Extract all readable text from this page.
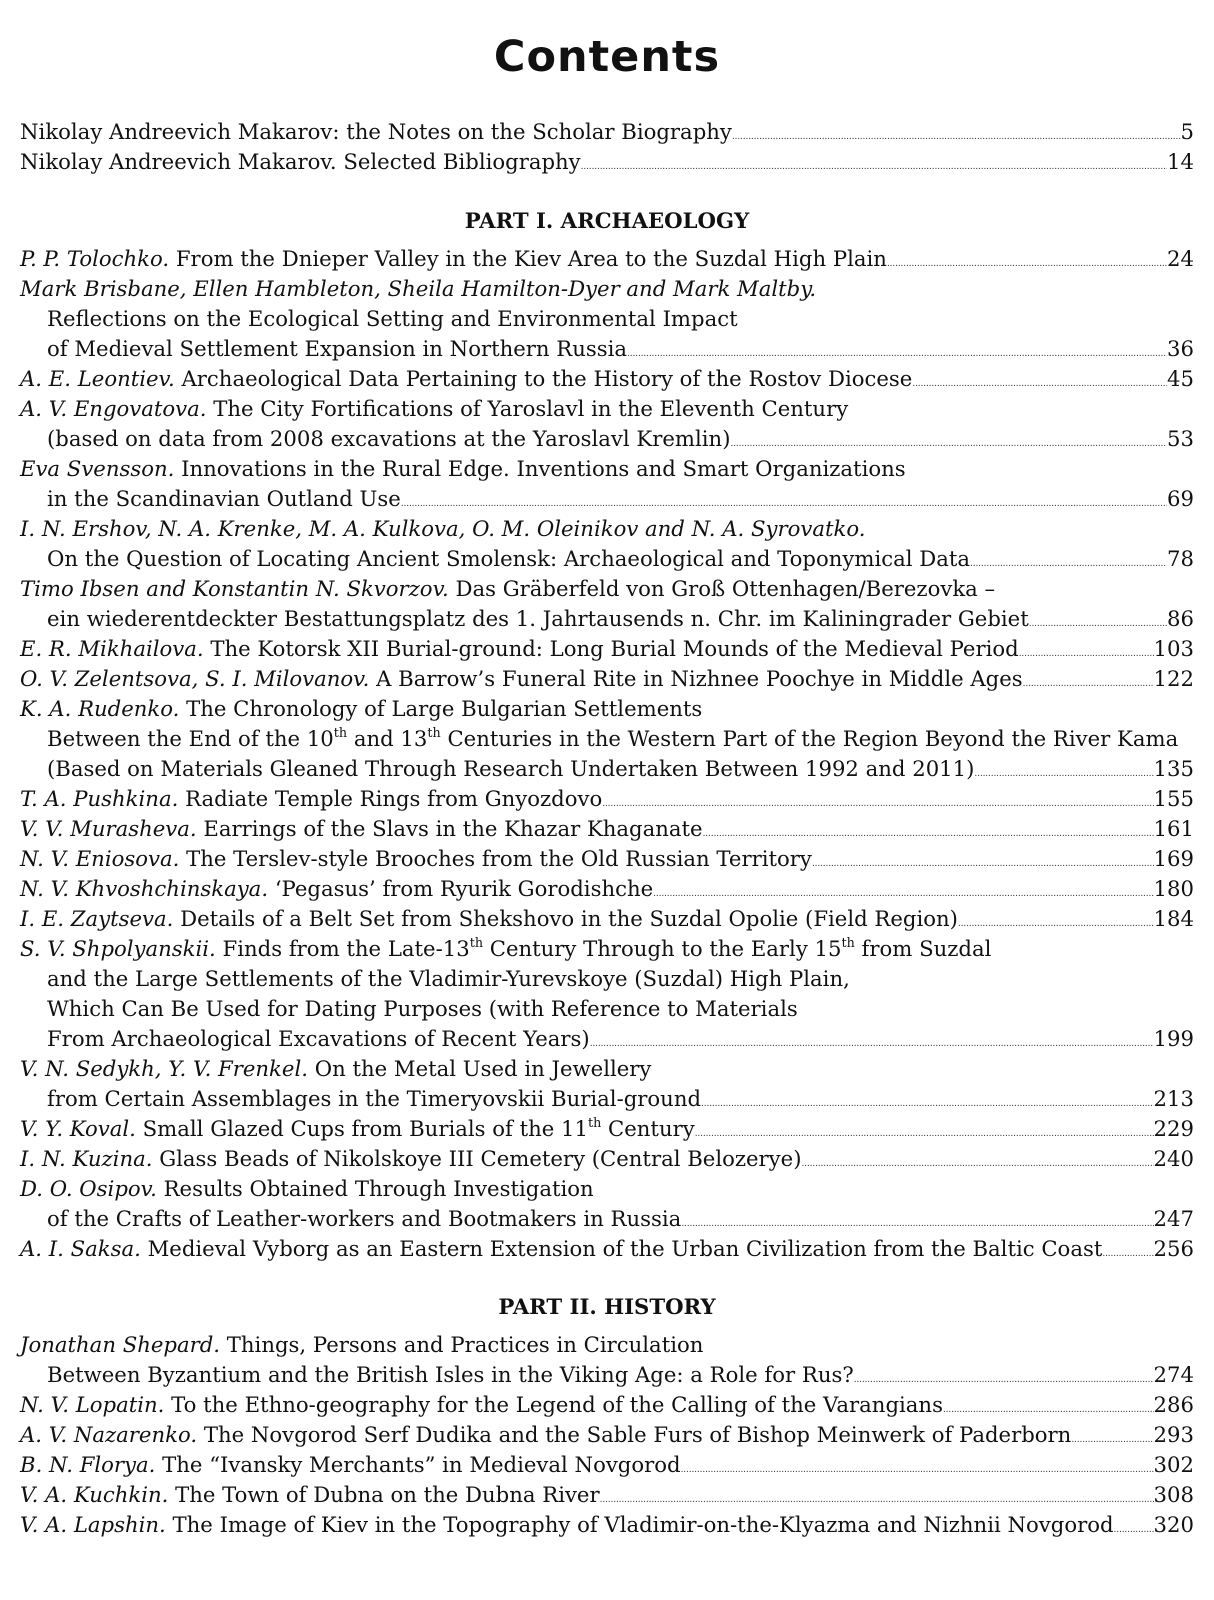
Contents
Nikolay Andreevich Makarov: the Notes on the Scholar Biography . . .	5
Nikolay Andreevich Makarov. Selected Bibliography . . .	14
PART I. ARCHAEOLOGY
P. P. Tolochko. From the Dnieper Valley in the Kiev Area to the Suzdal High Plain . . .	24
Mark Brisbane, Ellen Hambleton, Sheila Hamilton-Dyer and Mark Maltby.
Reflections on the Ecological Setting and Environmental Impact
of Medieval Settlement Expansion in Northern Russia . . .	36
A. E. Leontiev. Archaeological Data Pertaining to the History of the Rostov Diocese . . .	45
A. V. Engovatova. The City Fortifications of Yaroslavl in the Eleventh Century
(based on data from 2008 excavations at the Yaroslavl Kremlin) . . .	53
Eva Svensson. Innovations in the Rural Edge. Inventions and Smart Organizations
in the Scandinavian Outland Use . . .	69
I. N. Ershov, N. A. Krenke, M. A. Kulkova, O. M. Oleinikov and N. A. Syrovatko.
On the Question of Locating Ancient Smolensk: Archaeological and Toponymical Data . . .	78
Timo Ibsen and Konstantin N. Skvorzov. Das Gräberfeld von Groß Ottenhagen/Berezovka –
ein wiederentdeckter Bestattungsplatz des 1. Jahrtausends n. Chr. im Kaliningrader Gebiet . . .	86
E. R. Mikhailova. The Kotorsk XII Burial-ground: Long Burial Mounds of the Medieval Period . . .	103
O. V. Zelentsova, S. I. Milovanov. A Barrow’s Funeral Rite in Nizhnee Poochye in Middle Ages . . .	122
K. A. Rudenko. The Chronology of Large Bulgarian Settlements
Between the End of the 10th and 13th Centuries in the Western Part of the Region Beyond the River Kama
(Based on Materials Gleaned Through Research Undertaken Between 1992 and 2011) . . .	135
T. A. Pushkina. Radiate Temple Rings from Gnyozdovo . . .	155
V. V. Murasheva. Earrings of the Slavs in the Khazar Khaganate . . .	161
N. V. Eniosova. The Terslev-style Brooches from the Old Russian Territory . . .	169
N. V. Khvoshchinskaya. ‘Pegasus’ from Ryurik Gorodishche . . .	180
I. E. Zaytseva. Details of a Belt Set from Shekshovo in the Suzdal Opolie (Field Region) . . .	184
S. V. Shpolyanskii. Finds from the Late-13th Century Through to the Early 15th from Suzdal
and the Large Settlements of the Vladimir-Yurevskoye (Suzdal) High Plain,
Which Can Be Used for Dating Purposes (with Reference to Materials
From Archaeological Excavations of Recent Years) . . .	199
V. N. Sedykh, Y. V. Frenkel. On the Metal Used in Jewellery
from Certain Assemblages in the Timeryovskii Burial-ground . . .	213
V. Y. Koval. Small Glazed Cups from Burials of the 11th Century . . .	229
I. N. Kuzina. Glass Beads of Nikolskoye III Cemetery (Central Belozerye) . . .	240
D. O. Osipov. Results Obtained Through Investigation
of the Crafts of Leather-workers and Bootmakers in Russia . . .	247
A. I. Saksa. Medieval Vyborg as an Eastern Extension of the Urban Civilization from the Baltic Coast . . . 256
PART II. HISTORY
Jonathan Shepard. Things, Persons and Practices in Circulation
Between Byzantium and the British Isles in the Viking Age: a Role for Rus? . . .	274
N. V. Lopatin. To the Ethno-geography for the Legend of the Calling of the Varangians . . .	286
A. V. Nazarenko. The Novgorod Serf Dudika and the Sable Furs of Bishop Meinwerk of Paderborn . . .	293
B. N. Florya. The “Ivansky Merchants” in Medieval Novgorod . . .	302
V. A. Kuchkin. The Town of Dubna on the Dubna River . . .	308
V. A. Lapshin. The Image of Kiev in the Topography of Vladimir-on-the-Klyazma and Nizhnii Novgorod . . . 320
